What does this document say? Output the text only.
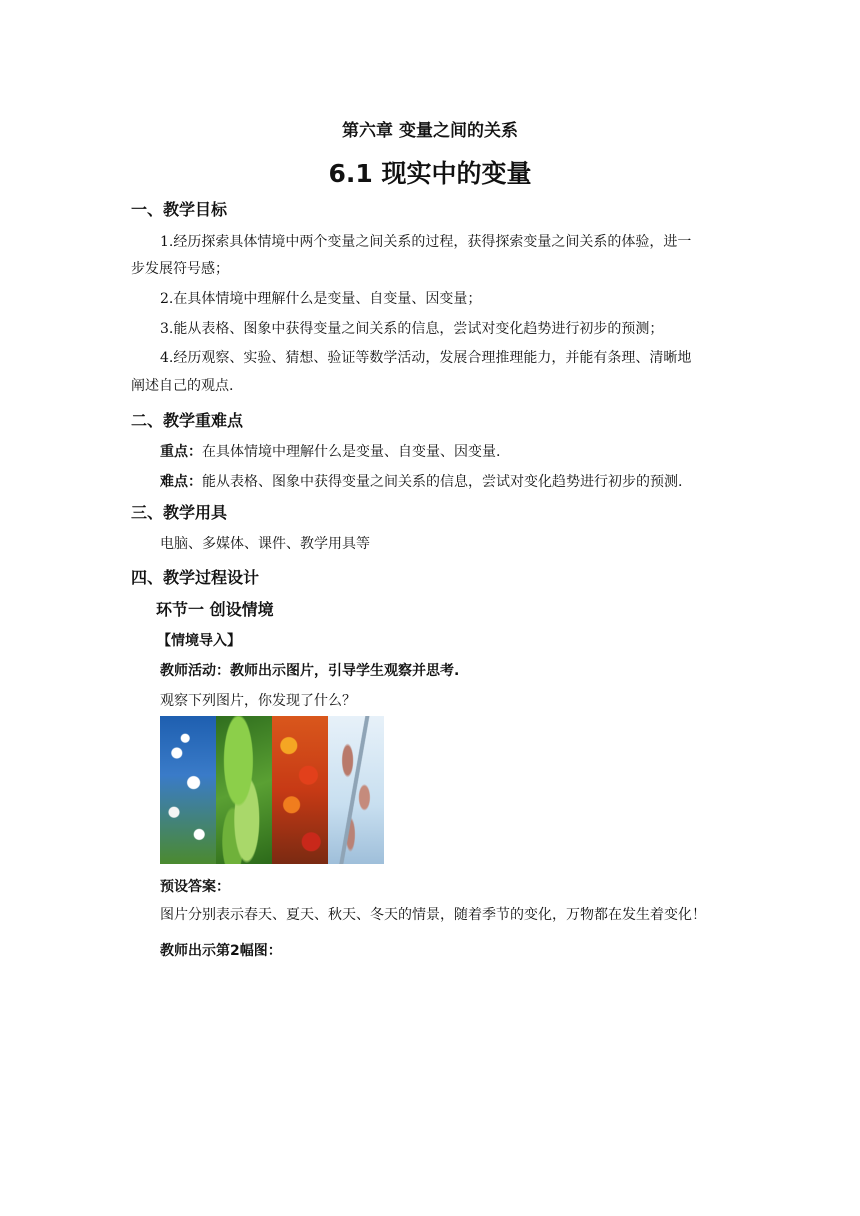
第六章 变量之间的关系
6.1 现实中的变量
一、教学目标
1.经历探索具体情境中两个变量之间关系的过程，获得探索变量之间关系的体验，进一
步发展符号感；
2.在具体情境中理解什么是变量、自变量、因变量；
3.能从表格、图象中获得变量之间关系的信息，尝试对变化趋势进行初步的预测；
4.经历观察、实验、猜想、验证等数学活动，发展合理推理能力，并能有条理、清晰地
阐述自己的观点.
二、教学重难点
重点：在具体情境中理解什么是变量、自变量、因变量.
难点：能从表格、图象中获得变量之间关系的信息，尝试对变化趋势进行初步的预测.
三、教学用具
电脑、多媒体、课件、教学用具等
四、教学过程设计
环节一 创设情境
【情境导入】
教师活动：教师出示图片，引导学生观察并思考.
观察下列图片，你发现了什么？
预设答案：
图片分别表示春天、夏天、秋天、冬天的情景，随着季节的变化，万物都在发生着变化！
教师出示第2幅图：
